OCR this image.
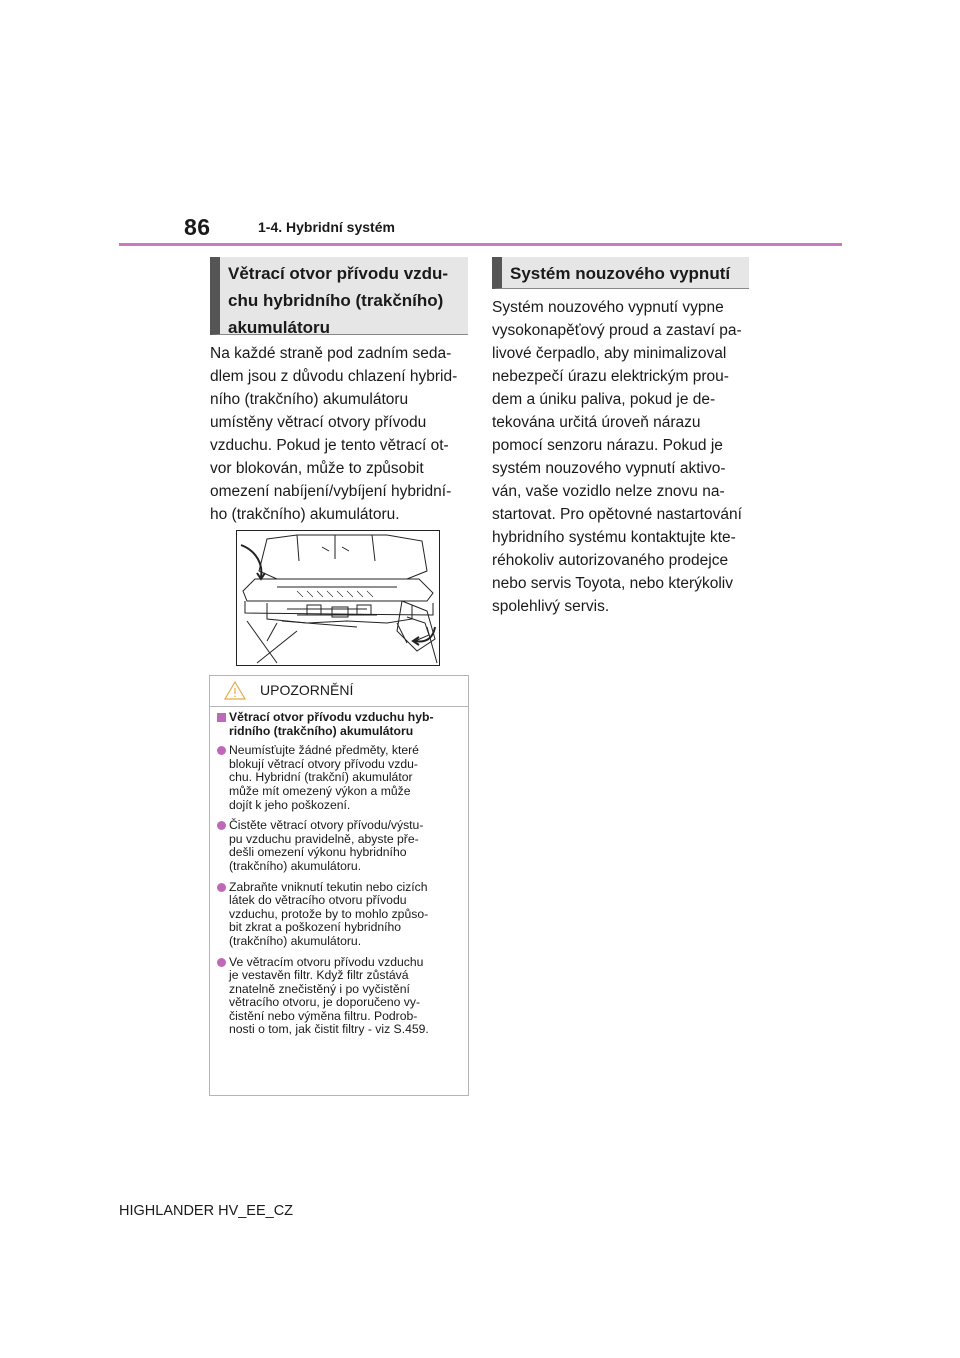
86	1-4. Hybridní systém
Větrací otvor přívodu vzdu-
chu hybridního (trakčního)
akumulátoru
Na každé straně pod zadním seda-
dlem jsou z důvodu chlazení hybrid-
ního (trakčního) akumulátoru
umístěny větrací otvory přívodu
vzduchu. Pokud je tento větrací ot-
vor blokován, může to způsobit
omezení nabíjení/vybíjení hybridní-
ho (trakčního) akumulátoru.
UPOZORNĚNÍ
Větrací otvor přívodu vzduchu hyb-
ridního (trakčního) akumulátoru
Neumísťujte žádné předměty, které
blokují větrací otvory přívodu vzdu-
chu. Hybridní (trakční) akumulátor
může mít omezený výkon a může
dojít k jeho poškození.
Čistěte větrací otvory přívodu/výstu-
pu vzduchu pravidelně, abyste pře-
dešli omezení výkonu hybridního
(trakčního) akumulátoru.
Zabraňte vniknutí tekutin nebo cizích
látek do větracího otvoru přívodu
vzduchu, protože by to mohlo způso-
bit zkrat a poškození hybridního
(trakčního) akumulátoru.
Ve větracím otvoru přívodu vzduchu
je vestavěn filtr. Když filtr zůstává
znatelně znečistěný i po vyčistění
větracího otvoru, je doporučeno vy-
čistění nebo výměna filtru. Podrob-
nosti o tom, jak čistit filtry - viz S.459.
Systém nouzového vypnutí
Systém nouzového vypnutí vypne
vysokonapěťový proud a zastaví pa-
livové čerpadlo, aby minimalizoval
nebezpečí úrazu elektrickým prou-
dem a úniku paliva, pokud je de-
tekována určitá úroveň nárazu
pomocí senzoru nárazu. Pokud je
systém nouzového vypnutí aktivo-
ván, vaše vozidlo nelze znovu na-
startovat. Pro opětovné nastartování
hybridního systému kontaktujte kte-
réhokoliv autorizovaného prodejce
nebo servis Toyota, nebo kterýkoliv
spolehlivý servis.
HIGHLANDER HV_EE_CZ
